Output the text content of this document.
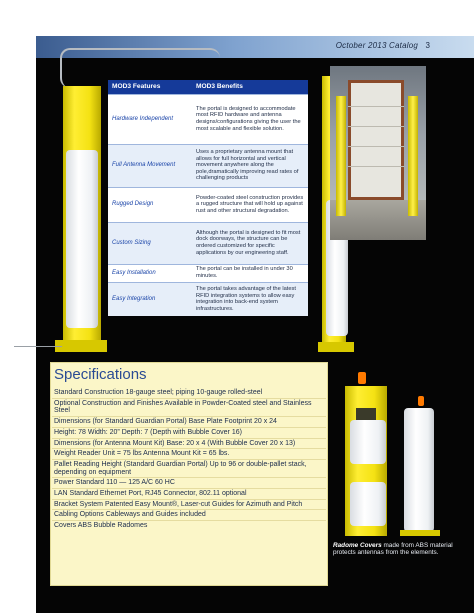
October 2013 Catalog 3
MOD3 Features	MOD3 Benefits
Hardware Independent	The portal is designed to accommodate most RFID hardware and antenna designs/configurations giving the user the most scalable and flexible solution.
Full Antenna Movement	Uses a proprietary antenna mount that allows for full horizontal and vertical movement anywhere along the pole,dramatically improving read rates of challenging products
Rugged Design	Powder-coated steel construction provides a rugged structure that will hold up against rust and other structural degradation.
Custom Sizing	Although the portal is designed to fit most dock doorways, the structure can be ordered customized for specific applications by our engineering staff.
Easy Installation	The portal can be installed in under 30 minutes.
Easy Integration	The portal takes advantage of the latest RFID integration systems to allow easy integration into back-end system infrastructures.
Specifications
Standard Construction 18-gauge steel; piping 10-gauge rolled-steel
Optional Construction and Finishes Available in Powder-Coated steel and Stainless Steel
Dimensions (for Standard Guardian Portal) Base Plate Footprint 20 x 24
Height: 78 Width: 20” Depth: 7 (Depth with Bubble Cover 16)
Dimensions (for Antenna Mount Kit) Base: 20 x 4 (With Bubble Cover 20 x 13)
Weight Reader Unit = 75 lbs Antenna Mount Kit = 65 lbs.
Pallet Reading Height (Standard Guardian Portal) Up to 96 or double-pallet stack, depending on equipment
Power Standard 110 — 125 A/C 60 HC
LAN Standard Ethernet Port, RJ45 Connector, 802.11 optional
Bracket System Patented Easy Mount®, Laser-cut Guides for Azimuth and Pitch
Cabling Options Cableways and Guides included
Covers ABS Bubble Radomes
Radome Covers made from ABS material protects antennas from the elements.
